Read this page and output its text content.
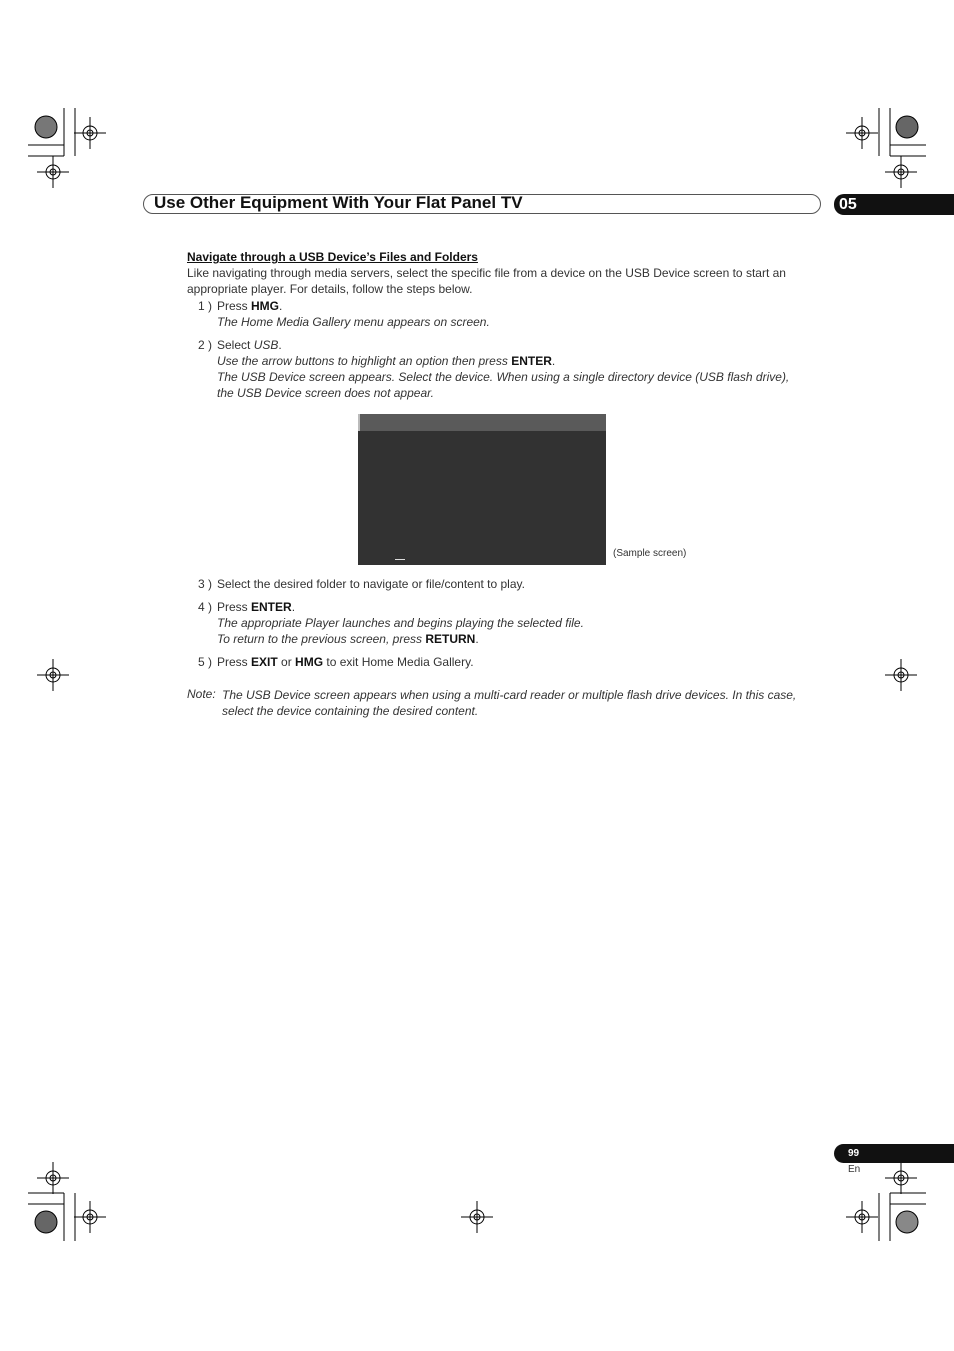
Use Other Equipment With Your Flat Panel TV	05
Navigate through a USB Device’s Files and Folders
Like navigating through media servers, select the specific file from a device on the USB Device screen to start an
appropriate player. For details, follow the steps below.
1 ) Press HMG.
The Home Media Gallery menu appears on screen.
2 ) Select USB.
Use the arrow buttons to highlight an option then press ENTER.
The USB Device screen appears. Select the device. When using a single directory device (USB flash drive),
the USB Device screen does not appear.
(Sample screen)
3 ) Select the desired folder to navigate or file/content to play.
4 ) Press ENTER.
The appropriate Player launches and begins playing the selected file.
To return to the previous screen, press RETURN.
5 ) Press EXIT or HMG to exit Home Media Gallery.
Note: The USB Device screen appears when using a multi-card reader or multiple flash drive devices. In this case,
select the device containing the desired content.
99
En
